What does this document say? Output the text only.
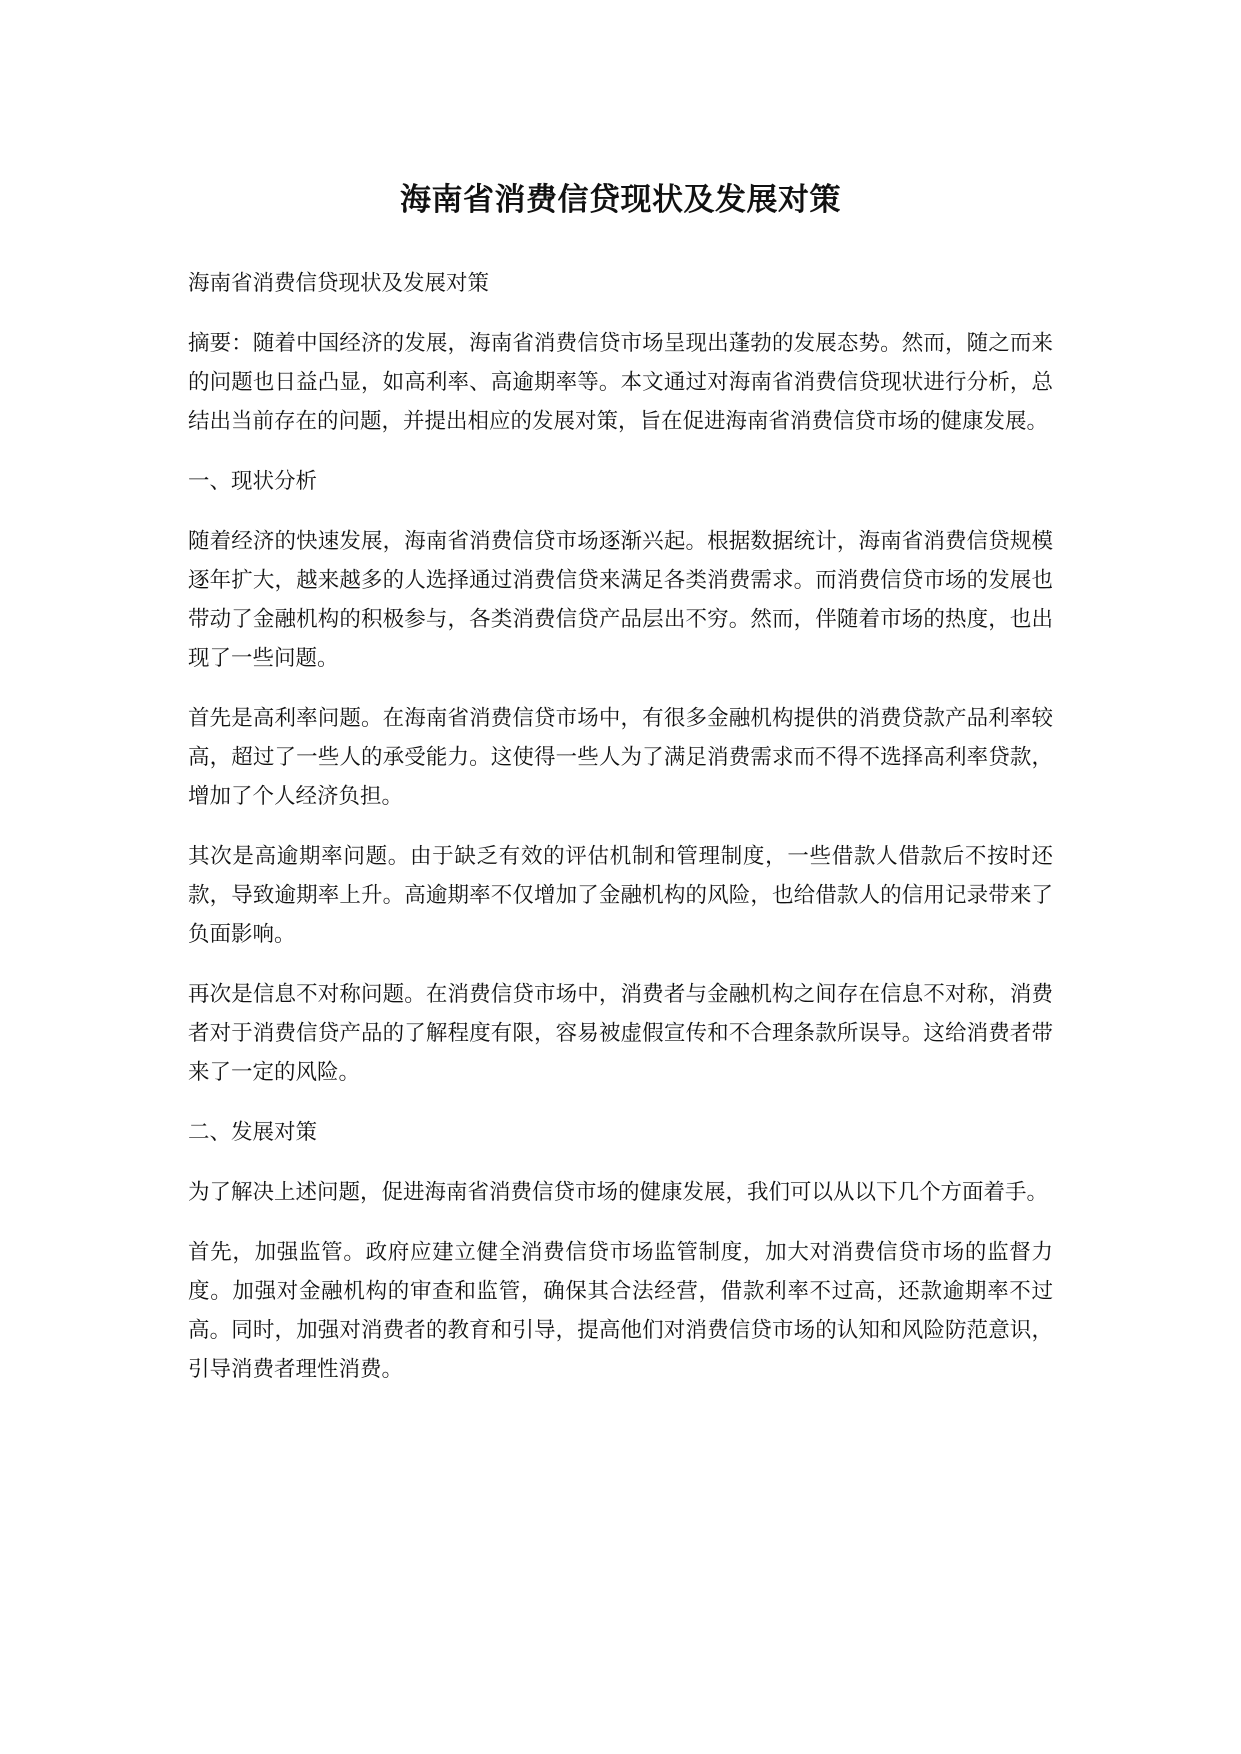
海南省消费信贷现状及发展对策

海南省消费信贷现状及发展对策

摘要：随着中国经济的发展，海南省消费信贷市场呈现出蓬勃的发展态势。然而，随之而来的问题也日益凸显，如高利率、高逾期率等。本文通过对海南省消费信贷现状进行分析，总结出当前存在的问题，并提出相应的发展对策，旨在促进海南省消费信贷市场的健康发展。

一、现状分析

随着经济的快速发展，海南省消费信贷市场逐渐兴起。根据数据统计，海南省消费信贷规模逐年扩大，越来越多的人选择通过消费信贷来满足各类消费需求。而消费信贷市场的发展也带动了金融机构的积极参与，各类消费信贷产品层出不穷。然而，伴随着市场的热度，也出现了一些问题。

首先是高利率问题。在海南省消费信贷市场中，有很多金融机构提供的消费贷款产品利率较高，超过了一些人的承受能力。这使得一些人为了满足消费需求而不得不选择高利率贷款，增加了个人经济负担。

其次是高逾期率问题。由于缺乏有效的评估机制和管理制度，一些借款人借款后不按时还款，导致逾期率上升。高逾期率不仅增加了金融机构的风险，也给借款人的信用记录带来了负面影响。

再次是信息不对称问题。在消费信贷市场中，消费者与金融机构之间存在信息不对称，消费者对于消费信贷产品的了解程度有限，容易被虚假宣传和不合理条款所误导。这给消费者带来了一定的风险。

二、发展对策

为了解决上述问题，促进海南省消费信贷市场的健康发展，我们可以从以下几个方面着手。

首先，加强监管。政府应建立健全消费信贷市场监管制度，加大对消费信贷市场的监督力度。加强对金融机构的审查和监管，确保其合法经营，借款利率不过高，还款逾期率不过高。同时，加强对消费者的教育和引导，提高他们对消费信贷市场的认知和风险防范意识，引导消费者理性消费。
